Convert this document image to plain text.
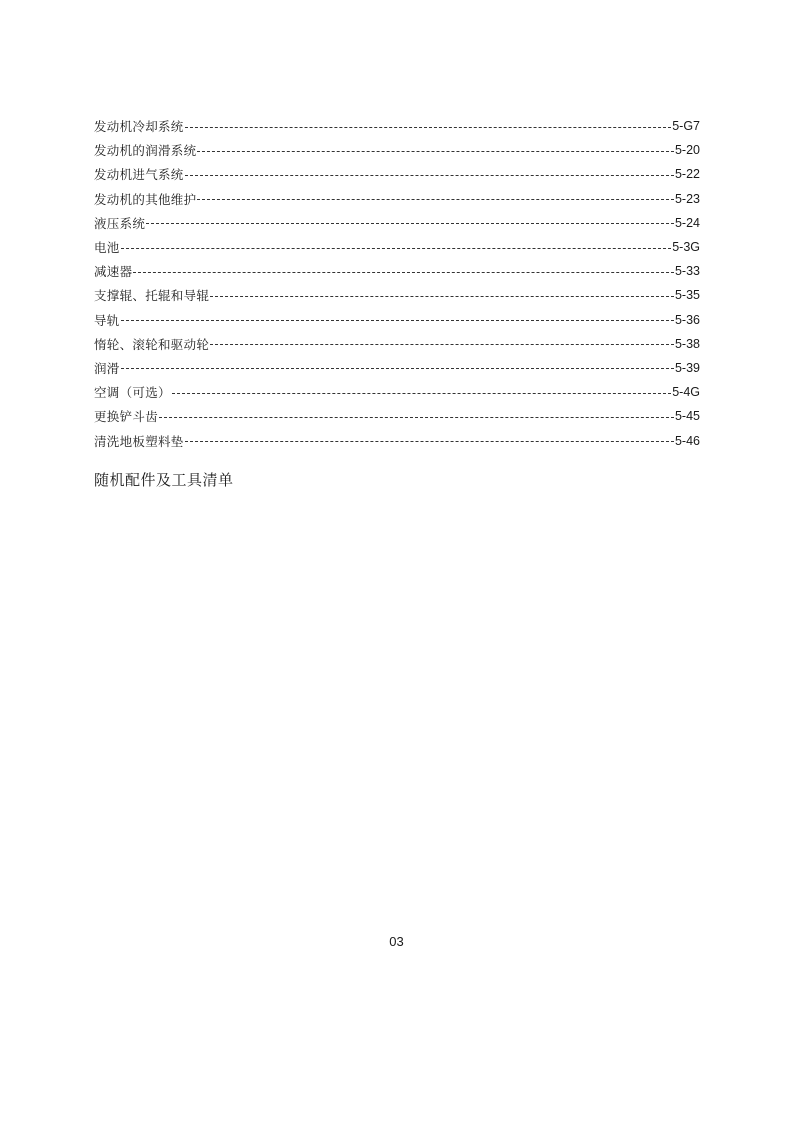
发动机冷却系统	5-G7
发动机的润滑系统	5-20
发动机进气系统	5-22
发动机的其他维护	5-23
液压系统	5-24
电池	5-3G
减速器	5-33
支撑辊、托辊和导辊	5-35
导轨	5-36
惰轮、滚轮和驱动轮	5-38
润滑	5-39
空调（可选）	5-4G
更换铲斗齿	5-45
清洗地板塑料垫	5-46
随机配件及工具清单
03
